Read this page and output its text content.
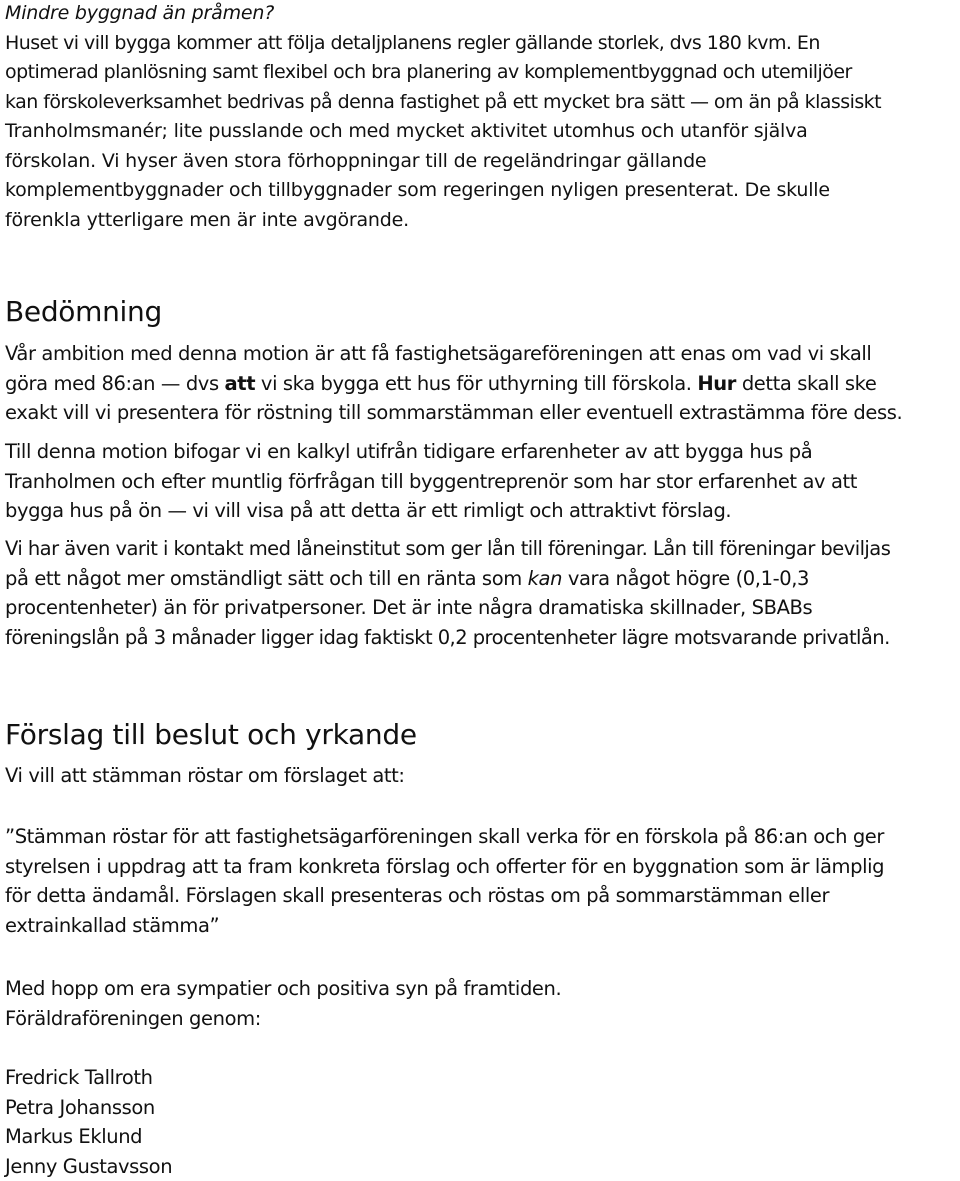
Mindre byggnad än pråmen?
Huset vi vill bygga kommer att följa detaljplanens regler gällande storlek, dvs 180 kvm. En
optimerad planlösning samt flexibel och bra planering av komplementbyggnad och utemiljöer
kan förskoleverksamhet bedrivas på denna fastighet på ett mycket bra sätt — om än på klassiskt
Tranholmsmanér; lite pusslande och med mycket aktivitet utomhus och utanför själva
förskolan. Vi hyser även stora förhoppningar till de regeländringar gällande
komplementbyggnader och tillbyggnader som regeringen nyligen presenterat. De skulle
förenkla ytterligare men är inte avgörande.
Bedömning
Vår ambition med denna motion är att få fastighetsägareföreningen att enas om vad vi skall
göra med 86:an — dvs att vi ska bygga ett hus för uthyrning till förskola. Hur detta skall ske
exakt vill vi presentera för röstning till sommarstämman eller eventuell extrastämma före dess.
Till denna motion bifogar vi en kalkyl utifrån tidigare erfarenheter av att bygga hus på
Tranholmen och efter muntlig förfrågan till byggentreprenör som har stor erfarenhet av att
bygga hus på ön — vi vill visa på att detta är ett rimligt och attraktivt förslag.
Vi har även varit i kontakt med låneinstitut som ger lån till föreningar. Lån till föreningar beviljas
på ett något mer omständligt sätt och till en ränta som kan vara något högre (0,1-0,3
procentenheter) än för privatpersoner. Det är inte några dramatiska skillnader, SBABs
föreningslån på 3 månader ligger idag faktiskt 0,2 procentenheter lägre motsvarande privatlån.
Förslag till beslut och yrkande
Vi vill att stämman röstar om förslaget att:
”Stämman röstar för att fastighetsägarföreningen skall verka för en förskola på 86:an och ger
styrelsen i uppdrag att ta fram konkreta förslag och offerter för en byggnation som är lämplig
för detta ändamål. Förslagen skall presenteras och röstas om på sommarstämman eller
extrainkallad stämma”
Med hopp om era sympatier och positiva syn på framtiden.
Föräldraföreningen genom:
Fredrick Tallroth
Petra Johansson
Markus Eklund
Jenny Gustavsson
